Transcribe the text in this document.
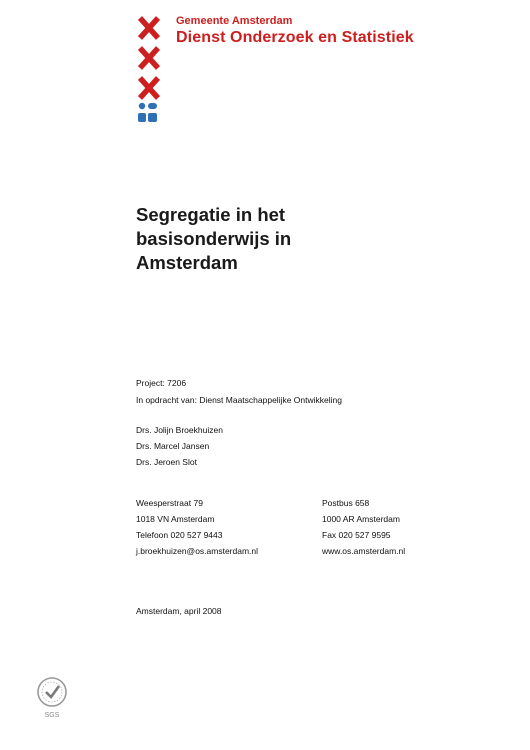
Gemeente Amsterdam
Dienst Onderzoek en Statistiek
Segregatie in het
basisonderwijs in
Amsterdam
Project: 7206
In opdracht van: Dienst Maatschappelijke Ontwikkeling
Drs. Jolijn Broekhuizen
Drs. Marcel Jansen
Drs. Jeroen Slot
Weesperstraat 79
1018 VN Amsterdam
Telefoon 020 527 9443
j.broekhuizen@os.amsterdam.nl
Postbus 658
1000 AR Amsterdam
Fax 020 527 9595
www.os.amsterdam.nl
Amsterdam, april 2008
SGS
